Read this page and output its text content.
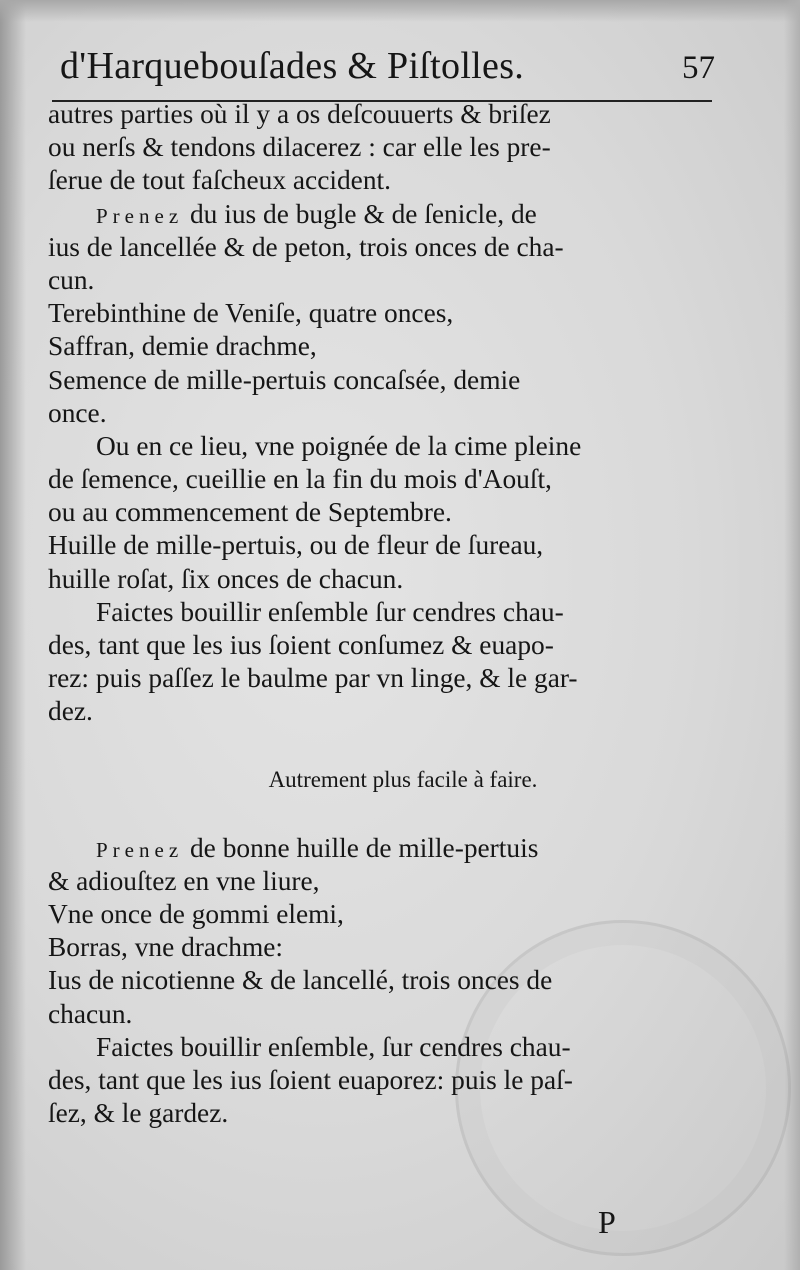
d'Harquebouſades & Piſtolles.	57
autres parties où il y a os deſcouuerts & briſez
ou nerſs & tendons dilacerez : car elle les pre-
ſerue de tout faſcheux accident.
Prenez du ius de bugle & de ſenicle, de
ius de lancellée & de peton, trois onces de cha-
cun.
Terebinthine de Veniſe, quatre onces,
Saffran, demie drachme,
Semence de mille-pertuis concaſsée, demie
once.
Ou en ce lieu, vne poignée de la cime pleine
de ſemence, cueillie en la fin du mois d'Aouſt,
ou au commencement de Septembre.
Huille de mille-pertuis, ou de fleur de ſureau,
huille roſat, ſix onces de chacun.
Faictes bouillir enſemble ſur cendres chau-
des, tant que les ius ſoient conſumez & euapo-
rez: puis paſſez le baulme par vn linge, & le gar-
dez.
Autrement plus facile à faire.
Prenez de bonne huille de mille-pertuis
& adiouſtez en vne liure,
Vne once de gommi elemi,
Borras, vne drachme:
Ius de nicotienne & de lancellé, trois onces de
chacun.
Faictes bouillir enſemble, ſur cendres chau-
des, tant que les ius ſoient euaporez: puis le paſ-
ſez, & le gardez.
P
